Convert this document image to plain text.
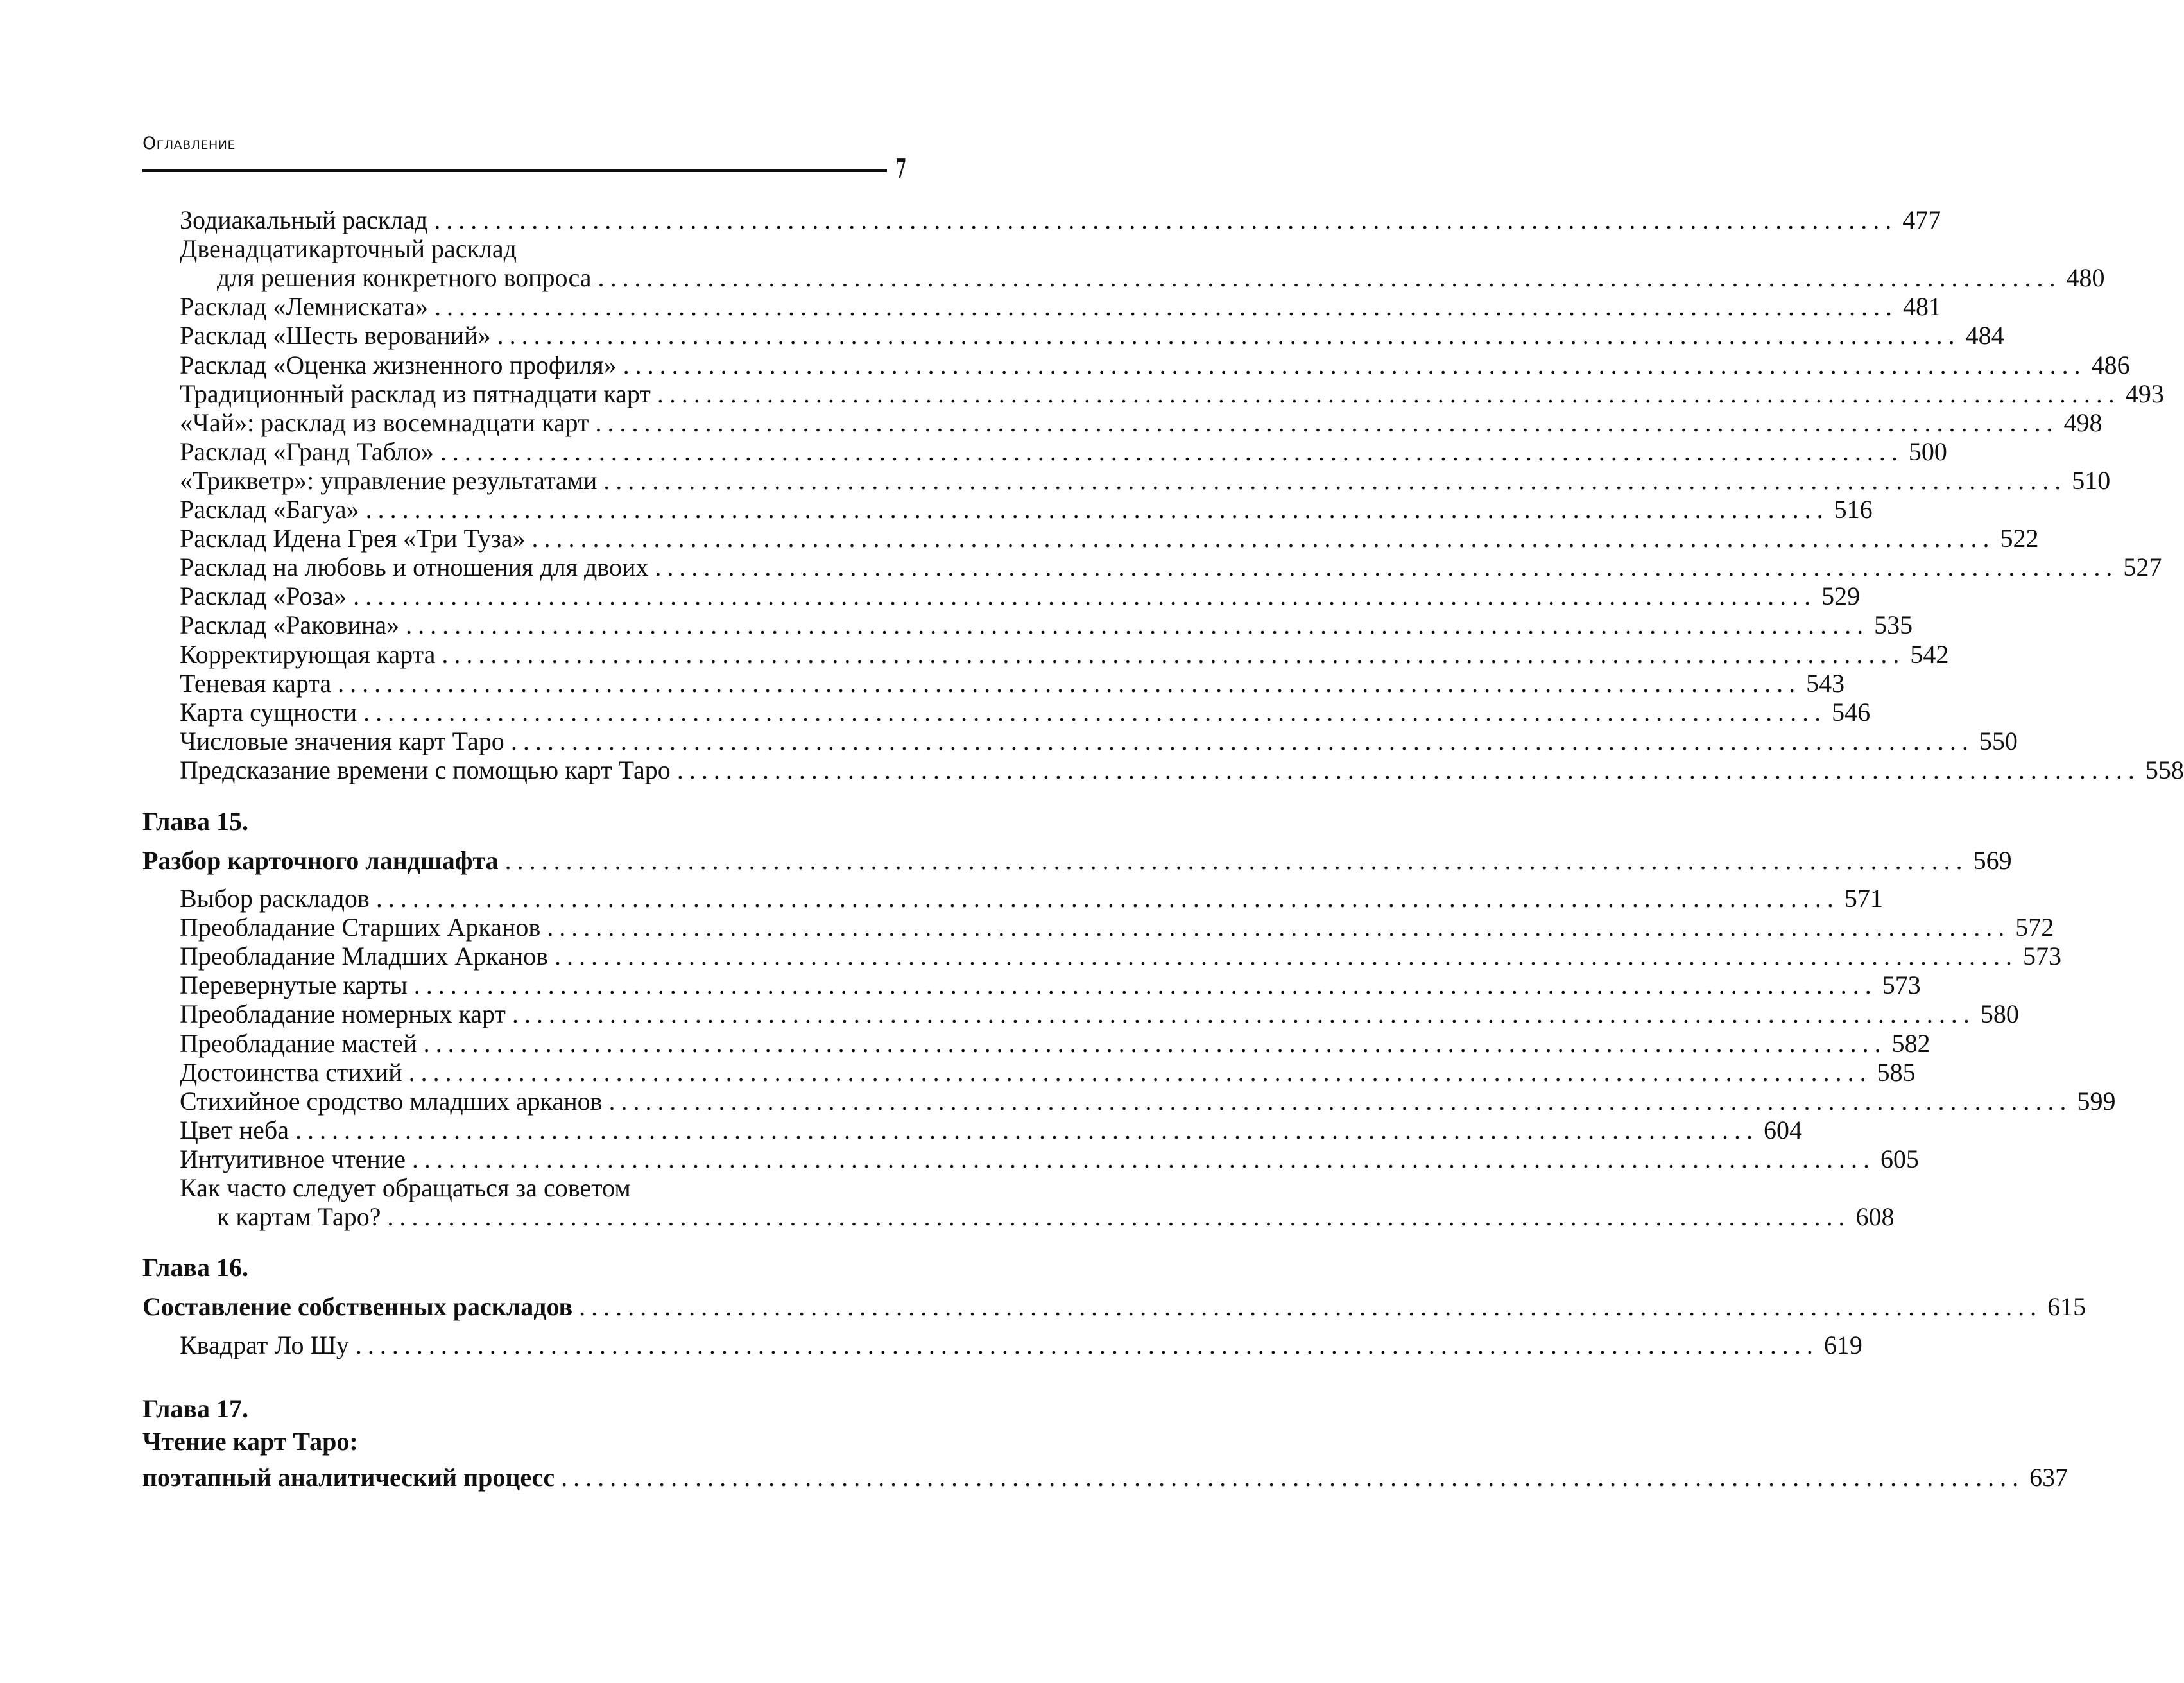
Оглавление
7
Зодиакальный расклад ........................................................................................................................ 477
Двенадцатикарточный расклад
для решения конкретного вопроса ........................................................................................................................ 480
Расклад «Лемниската» ........................................................................................................................ 481
Расклад «Шесть верований» ........................................................................................................................ 484
Расклад «Оценка жизненного профиля» ........................................................................................................................ 486
Традиционный расклад из пятнадцати карт ........................................................................................................................ 493
«Чай»: расклад из восемнадцати карт ........................................................................................................................ 498
Расклад «Гранд Табло» ........................................................................................................................ 500
«Трикветр»: управление результатами ........................................................................................................................ 510
Расклад «Багуа» ........................................................................................................................ 516
Расклад Идена Грея «Три Туза» ........................................................................................................................ 522
Расклад на любовь и отношения для двоих ........................................................................................................................ 527
Расклад «Роза» ........................................................................................................................ 529
Расклад «Раковина» ........................................................................................................................ 535
Корректирующая карта ........................................................................................................................ 542
Теневая карта ........................................................................................................................ 543
Карта сущности ........................................................................................................................ 546
Числовые значения карт Таро ........................................................................................................................ 550
Предсказание времени с помощью карт Таро ........................................................................................................................ 558
Глава 15.
Разбор карточного ландшафта ........................................................................................................................ 569
Выбор раскладов ........................................................................................................................ 571
Преобладание Старших Арканов ........................................................................................................................ 572
Преобладание Младших Арканов ........................................................................................................................ 573
Перевернутые карты ........................................................................................................................ 573
Преобладание номерных карт ........................................................................................................................ 580
Преобладание мастей ........................................................................................................................ 582
Достоинства стихий ........................................................................................................................ 585
Стихийное сродство младших арканов ........................................................................................................................ 599
Цвет неба ........................................................................................................................ 604
Интуитивное чтение ........................................................................................................................ 605
Как часто следует обращаться за советом
к картам Таро? ........................................................................................................................ 608
Глава 16.
Составление собственных раскладов ........................................................................................................................ 615
Квадрат Ло Шу ........................................................................................................................ 619
Глава 17.
Чтение карт Таро:
поэтапный аналитический процесс ........................................................................................................................ 637
